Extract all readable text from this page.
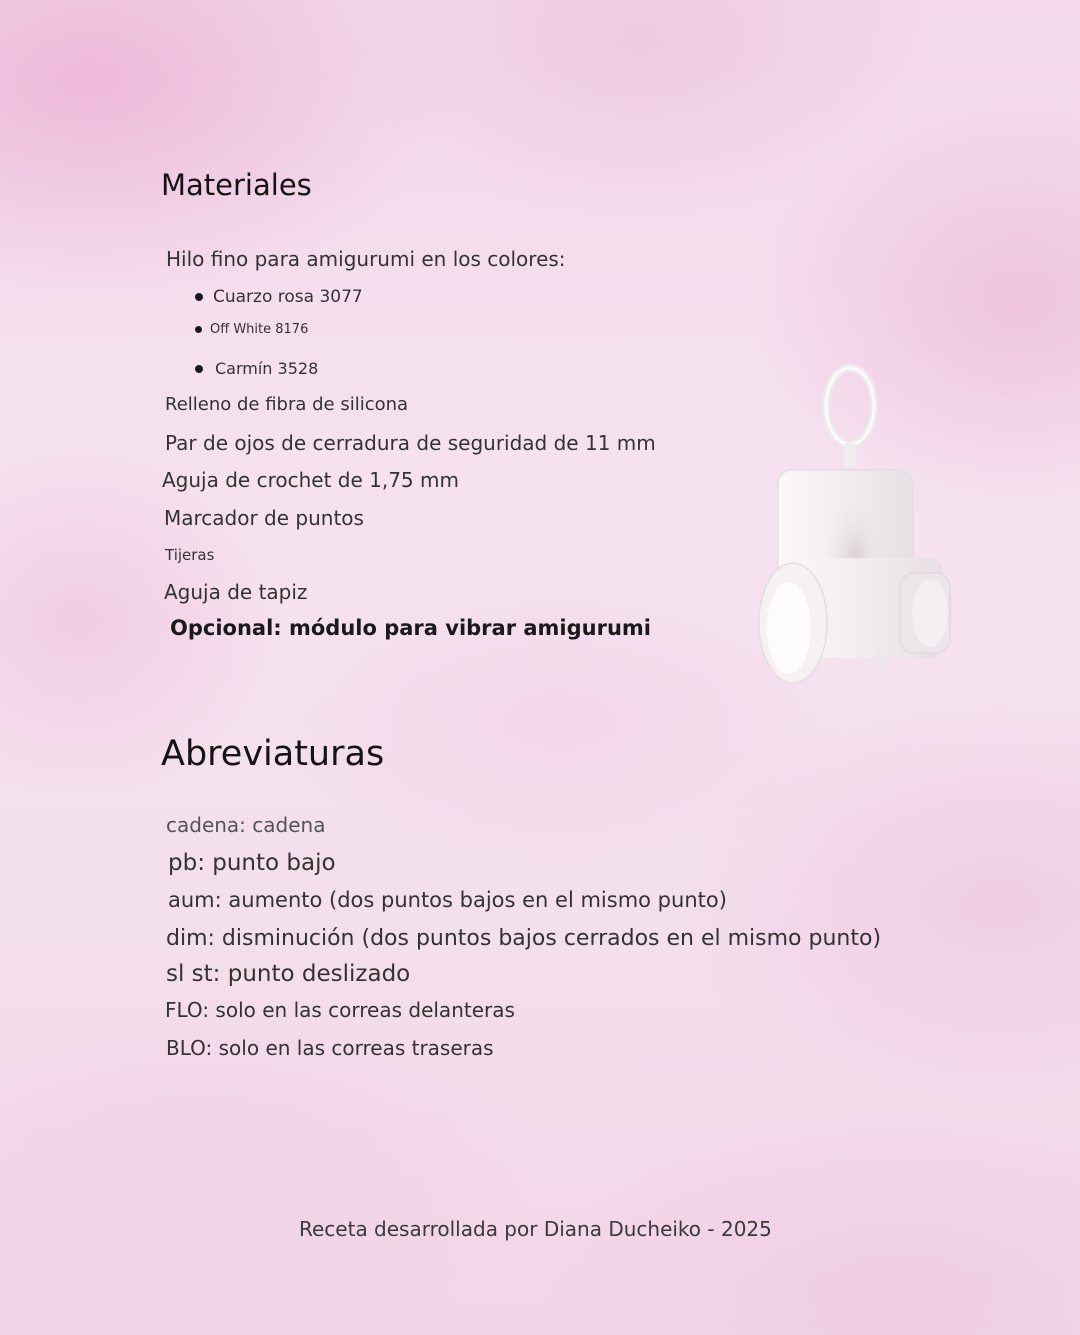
Materiales
Hilo fino para amigurumi en los colores:
Cuarzo rosa 3077
Off White 8176
Carmín 3528
Relleno de fibra de silicona
Par de ojos de cerradura de seguridad de 11 mm
Aguja de crochet de 1,75 mm
Marcador de puntos
Tijeras
Aguja de tapiz
Opcional: módulo para vibrar amigurumi
Abreviaturas
cadena: cadena
pb: punto bajo
aum: aumento (dos puntos bajos en el mismo punto)
dim: disminución (dos puntos bajos cerrados en el mismo punto)
sl st: punto deslizado
FLO: solo en las correas delanteras
BLO: solo en las correas traseras
Receta desarrollada por Diana Ducheiko - 2025
